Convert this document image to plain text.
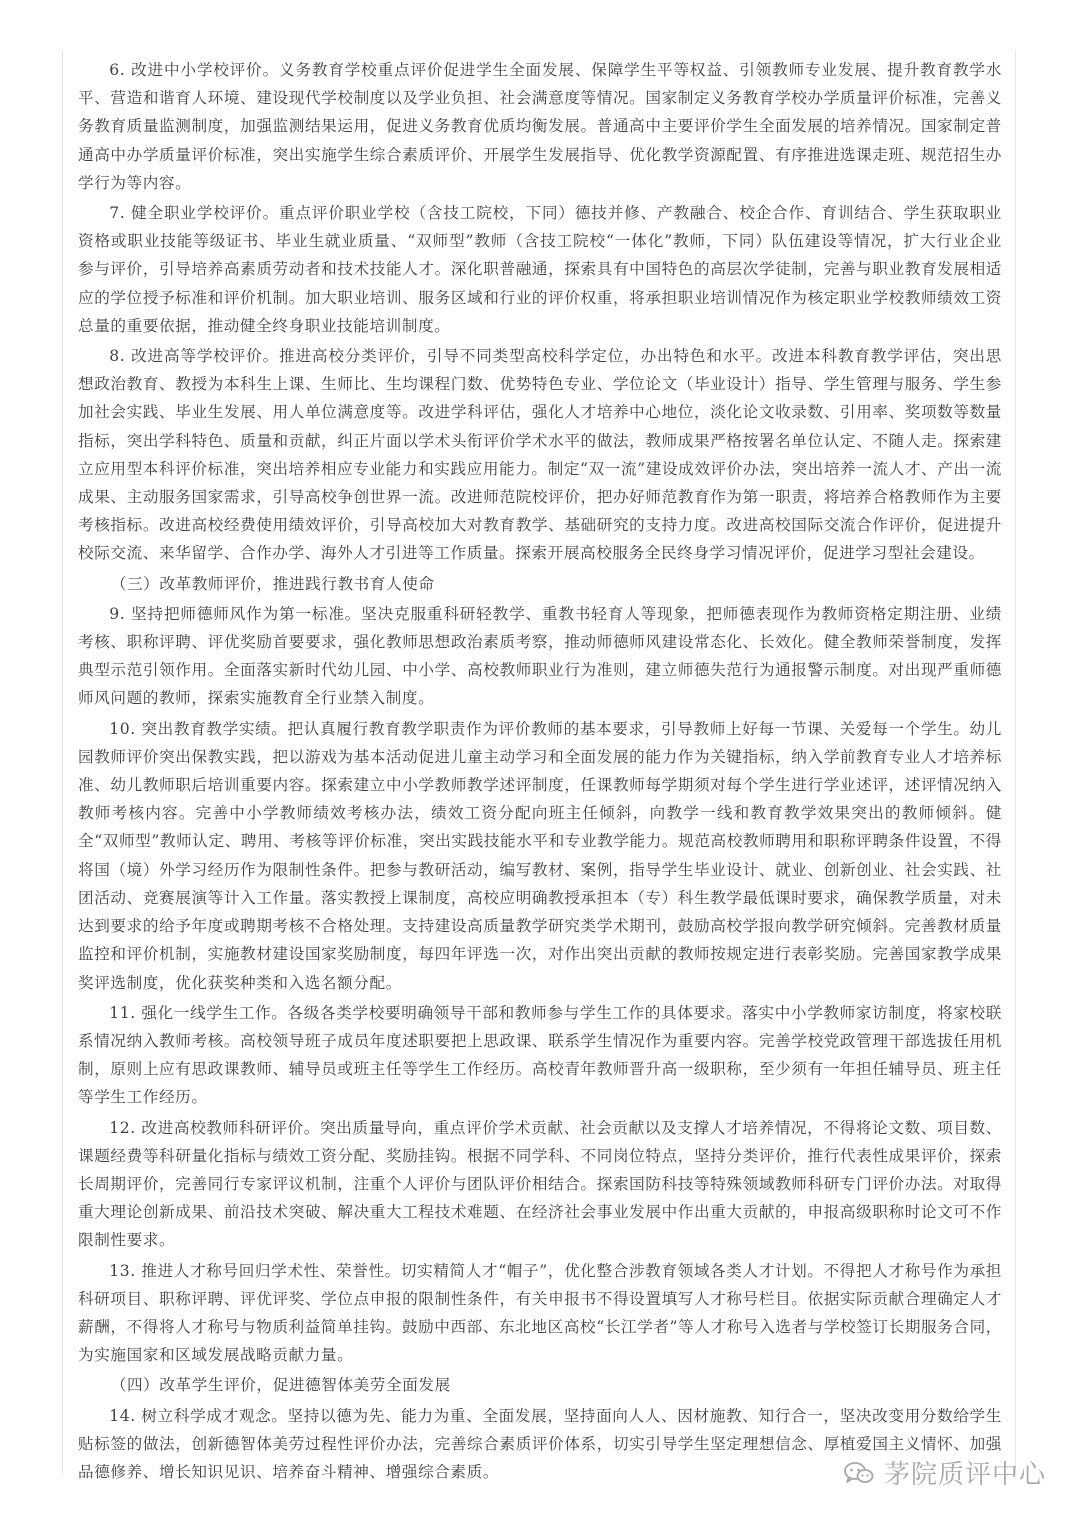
6. 改进中小学校评价。义务教育学校重点评价促进学生全面发展、保障学生平等权益、引领教师专业发展、提升教育教学水平、营造和谐育人环境、建设现代学校制度以及学业负担、社会满意度等情况。国家制定义务教育学校办学质量评价标准，完善义务教育质量监测制度，加强监测结果运用，促进义务教育优质均衡发展。普通高中主要评价学生全面发展的培养情况。国家制定普通高中办学质量评价标准，突出实施学生综合素质评价、开展学生发展指导、优化教学资源配置、有序推进选课走班、规范招生办学行为等内容。

7. 健全职业学校评价。重点评价职业学校（含技工院校，下同）德技并修、产教融合、校企合作、育训结合、学生获取职业资格或职业技能等级证书、毕业生就业质量、“双师型”教师（含技工院校“一体化”教师，下同）队伍建设等情况，扩大行业企业参与评价，引导培养高素质劳动者和技术技能人才。深化职普融通，探索具有中国特色的高层次学徒制，完善与职业教育发展相适应的学位授予标准和评价机制。加大职业培训、服务区域和行业的评价权重，将承担职业培训情况作为核定职业学校教师绩效工资总量的重要依据，推动健全终身职业技能培训制度。

8. 改进高等学校评价。推进高校分类评价，引导不同类型高校科学定位，办出特色和水平。改进本科教育教学评估，突出思想政治教育、教授为本科生上课、生师比、生均课程门数、优势特色专业、学位论文（毕业设计）指导、学生管理与服务、学生参加社会实践、毕业生发展、用人单位满意度等。改进学科评估，强化人才培养中心地位，淡化论文收录数、引用率、奖项数等数量指标，突出学科特色、质量和贡献，纠正片面以学术头衔评价学术水平的做法，教师成果严格按署名单位认定、不随人走。探索建立应用型本科评价标准，突出培养相应专业能力和实践应用能力。制定“双一流”建设成效评价办法，突出培养一流人才、产出一流成果、主动服务国家需求，引导高校争创世界一流。改进师范院校评价，把办好师范教育作为第一职责，将培养合格教师作为主要考核指标。改进高校经费使用绩效评价，引导高校加大对教育教学、基础研究的支持力度。改进高校国际交流合作评价，促进提升校际交流、来华留学、合作办学、海外人才引进等工作质量。探索开展高校服务全民终身学习情况评价，促进学习型社会建设。

（三）改革教师评价，推进践行教书育人使命

9. 坚持把师德师风作为第一标准。坚决克服重科研轻教学、重教书轻育人等现象，把师德表现作为教师资格定期注册、业绩考核、职称评聘、评优奖励首要要求，强化教师思想政治素质考察，推动师德师风建设常态化、长效化。健全教师荣誉制度，发挥典型示范引领作用。全面落实新时代幼儿园、中小学、高校教师职业行为准则，建立师德失范行为通报警示制度。对出现严重师德师风问题的教师，探索实施教育全行业禁入制度。

10. 突出教育教学实绩。把认真履行教育教学职责作为评价教师的基本要求，引导教师上好每一节课、关爱每一个学生。幼儿园教师评价突出保教实践，把以游戏为基本活动促进儿童主动学习和全面发展的能力作为关键指标，纳入学前教育专业人才培养标准、幼儿教师职后培训重要内容。探索建立中小学教师教学述评制度，任课教师每学期须对每个学生进行学业述评，述评情况纳入教师考核内容。完善中小学教师绩效考核办法，绩效工资分配向班主任倾斜，向教学一线和教育教学效果突出的教师倾斜。健全“双师型”教师认定、聘用、考核等评价标准，突出实践技能水平和专业教学能力。规范高校教师聘用和职称评聘条件设置，不得将国（境）外学习经历作为限制性条件。把参与教研活动，编写教材、案例，指导学生毕业设计、就业、创新创业、社会实践、社团活动、竞赛展演等计入工作量。落实教授上课制度，高校应明确教授承担本（专）科生教学最低课时要求，确保教学质量，对未达到要求的给予年度或聘期考核不合格处理。支持建设高质量教学研究类学术期刊，鼓励高校学报向教学研究倾斜。完善教材质量监控和评价机制，实施教材建设国家奖励制度，每四年评选一次，对作出突出贡献的教师按规定进行表彰奖励。完善国家教学成果奖评选制度，优化获奖种类和入选名额分配。

11. 强化一线学生工作。各级各类学校要明确领导干部和教师参与学生工作的具体要求。落实中小学教师家访制度，将家校联系情况纳入教师考核。高校领导班子成员年度述职要把上思政课、联系学生情况作为重要内容。完善学校党政管理干部选拔任用机制，原则上应有思政课教师、辅导员或班主任等学生工作经历。高校青年教师晋升高一级职称，至少须有一年担任辅导员、班主任等学生工作经历。

12. 改进高校教师科研评价。突出质量导向，重点评价学术贡献、社会贡献以及支撑人才培养情况，不得将论文数、项目数、课题经费等科研量化指标与绩效工资分配、奖励挂钩。根据不同学科、不同岗位特点，坚持分类评价，推行代表性成果评价，探索长周期评价，完善同行专家评议机制，注重个人评价与团队评价相结合。探索国防科技等特殊领域教师科研专门评价办法。对取得重大理论创新成果、前沿技术突破、解决重大工程技术难题、在经济社会事业发展中作出重大贡献的，申报高级职称时论文可不作限制性要求。

13. 推进人才称号回归学术性、荣誉性。切实精简人才“帽子”，优化整合涉教育领域各类人才计划。不得把人才称号作为承担科研项目、职称评聘、评优评奖、学位点申报的限制性条件，有关申报书不得设置填写人才称号栏目。依据实际贡献合理确定人才薪酬，不得将人才称号与物质利益简单挂钩。鼓励中西部、东北地区高校“长江学者”等人才称号入选者与学校签订长期服务合同，为实施国家和区域发展战略贡献力量。

（四）改革学生评价，促进德智体美劳全面发展

14. 树立科学成才观念。坚持以德为先、能力为重、全面发展，坚持面向人人、因材施教、知行合一，坚决改变用分数给学生贴标签的做法，创新德智体美劳过程性评价办法，完善综合素质评价体系，切实引导学生坚定理想信念、厚植爱国主义情怀、加强品德修养、增长知识见识、培养奋斗精神、增强综合素质。	茅院质评中心
